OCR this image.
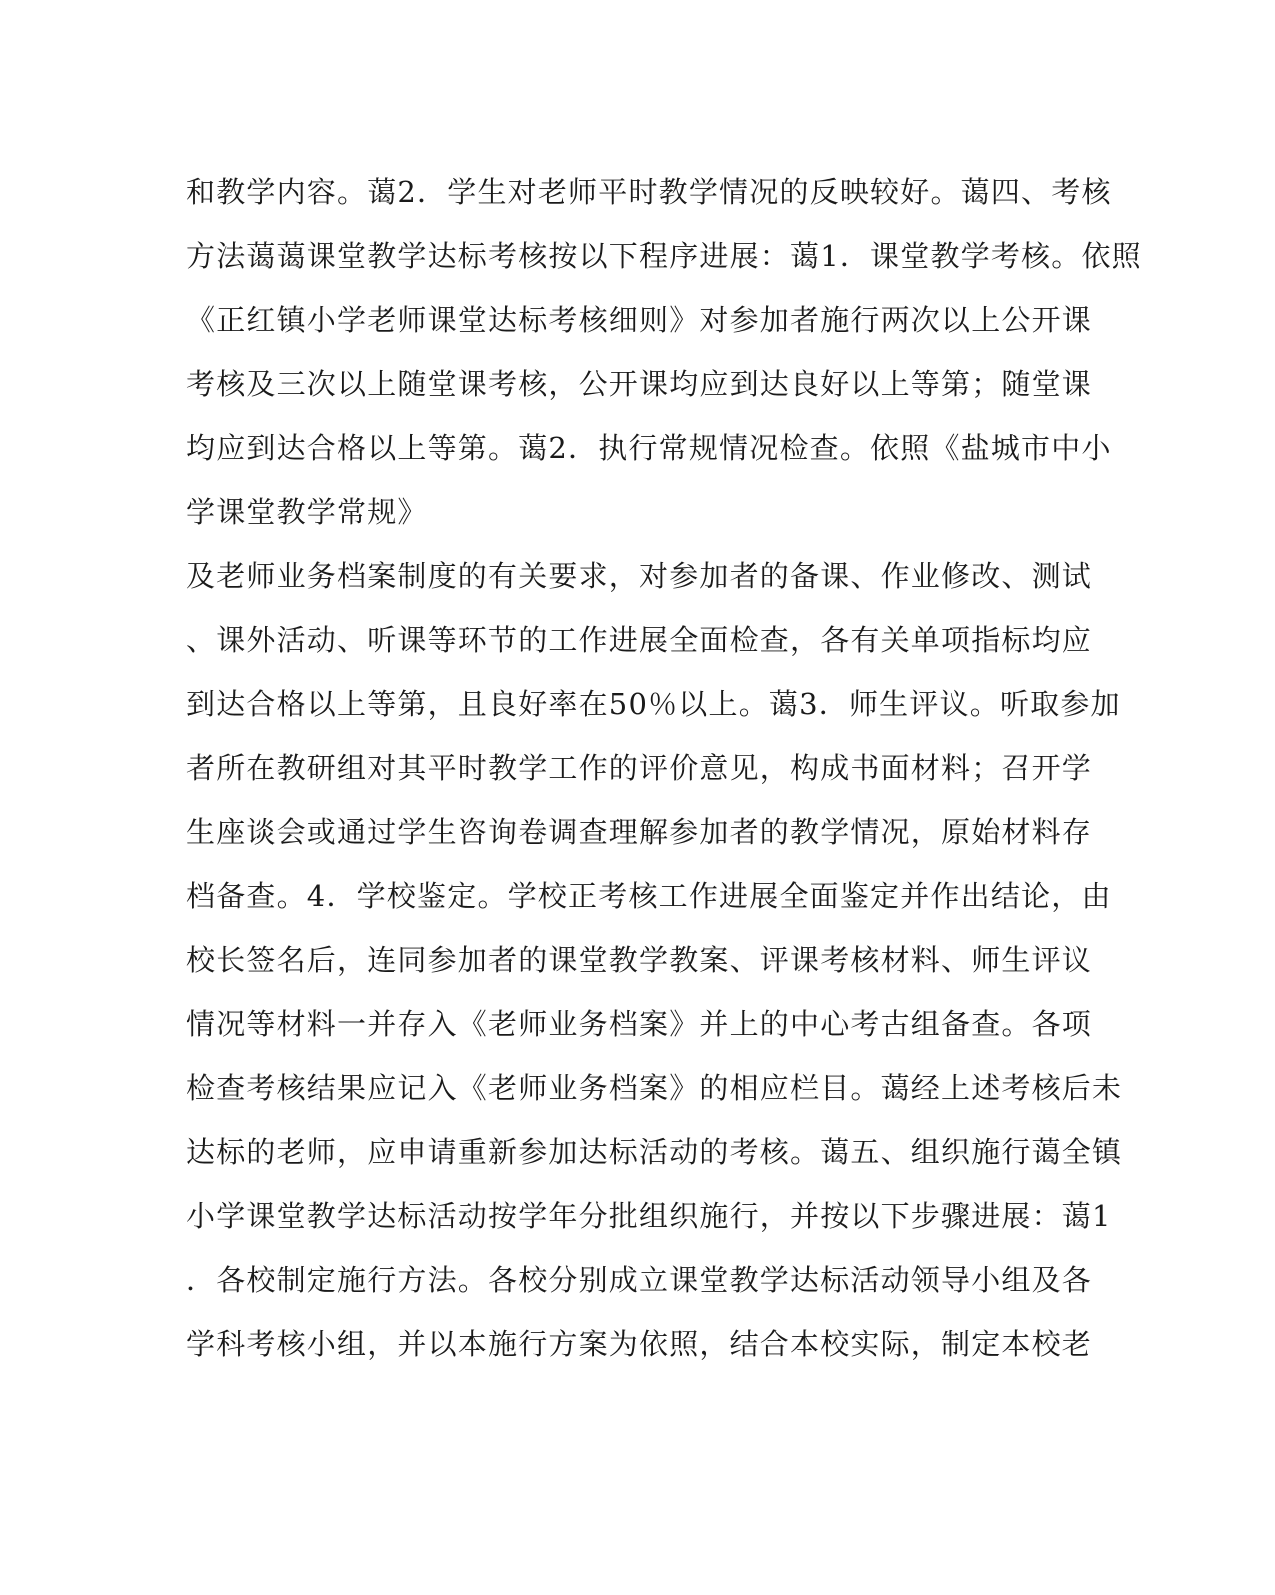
和教学内容。蔼2．学生对老师平时教学情况的反映较好。蔼四、考核
方法蔼蔼课堂教学达标考核按以下程序进展：蔼1．课堂教学考核。依照
《正红镇小学老师课堂达标考核细则》对参加者施行两次以上公开课
考核及三次以上随堂课考核，公开课均应到达良好以上等第；随堂课
均应到达合格以上等第。蔼2．执行常规情况检查。依照《盐城市中小
学课堂教学常规》
及老师业务档案制度的有关要求，对参加者的备课、作业修改、测试
、课外活动、听课等环节的工作进展全面检查，各有关单项指标均应
到达合格以上等第，且良好率在50％以上。蔼3．师生评议。听取参加
者所在教研组对其平时教学工作的评价意见，构成书面材料；召开学
生座谈会或通过学生咨询卷调查理解参加者的教学情况，原始材料存
档备查。4．学校鉴定。学校正考核工作进展全面鉴定并作出结论，由
校长签名后，连同参加者的课堂教学教案、评课考核材料、师生评议
情况等材料一并存入《老师业务档案》并上的中心考古组备查。各项
检查考核结果应记入《老师业务档案》的相应栏目。蔼经上述考核后未
达标的老师，应申请重新参加达标活动的考核。蔼五、组织施行蔼全镇
小学课堂教学达标活动按学年分批组织施行，并按以下步骤进展：蔼1
．各校制定施行方法。各校分别成立课堂教学达标活动领导小组及各
学科考核小组，并以本施行方案为依照，结合本校实际，制定本校老
